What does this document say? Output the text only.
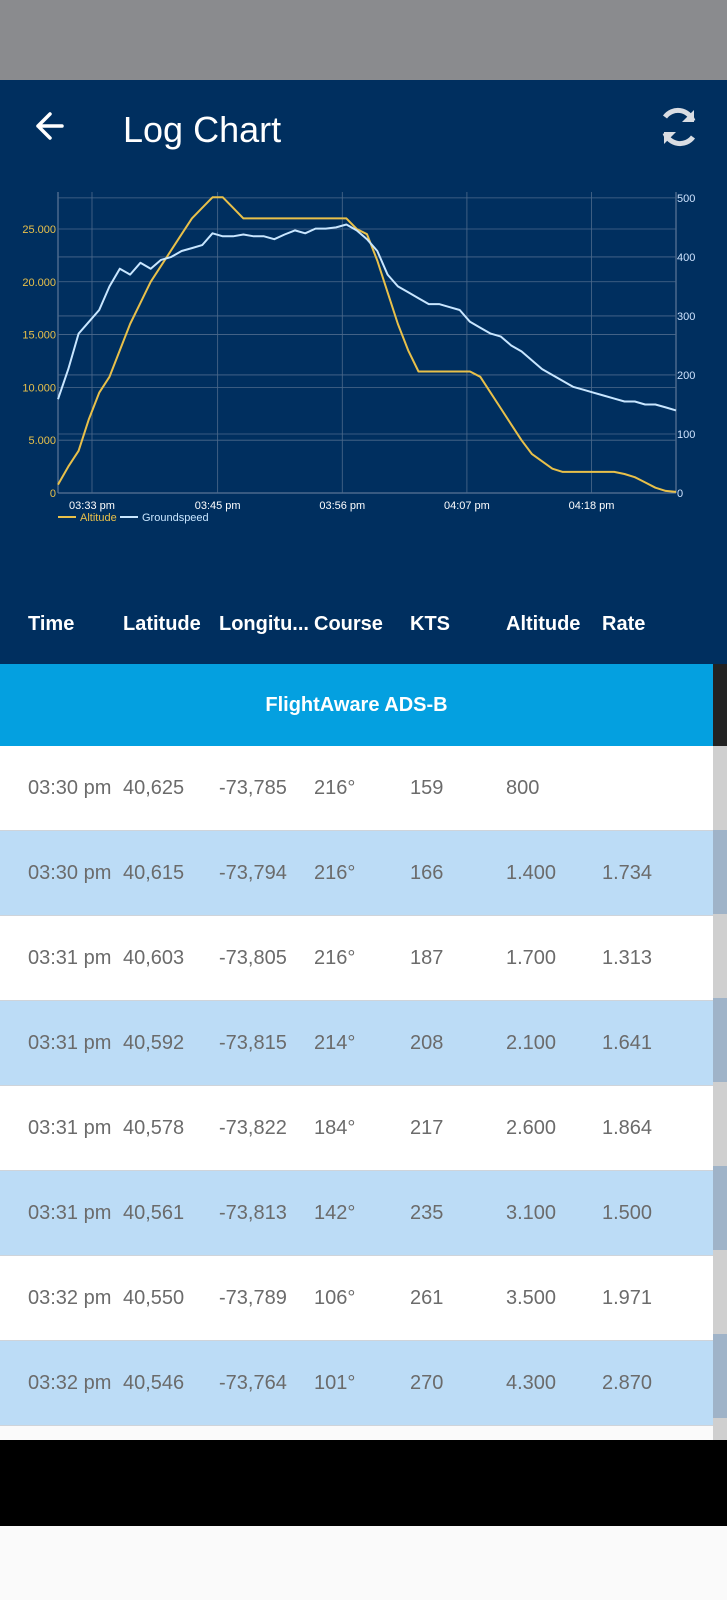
Log Chart
0
5.000
10.000
15.000
20.000
25.000
0
100
200
300
400
500
03:33 pm	03:45 pm	03:56 pm	04:07 pm	04:18 pm
Altitude Groundspeed
Time	Latitude Longitu... Course	KTS	Altitude	Rate
FlightAware ADS-B
03:30 pm 40,625 -73,785 216°	159	800
03:30 pm 40,615 -73,794 216°	166	1.400 1.734
03:31 pm 40,603 -73,805 216°	187	1.700 1.313
03:31 pm 40,592 -73,815 214°	208	2.100 1.641
03:31 pm 40,578 -73,822 184°	217	2.600 1.864
03:31 pm 40,561 -73,813 142°	235	3.100 1.500
03:32 pm 40,550 -73,789 106°	261	3.500 1.971
03:32 pm 40,546 -73,764 101°	270	4.300 2.870
